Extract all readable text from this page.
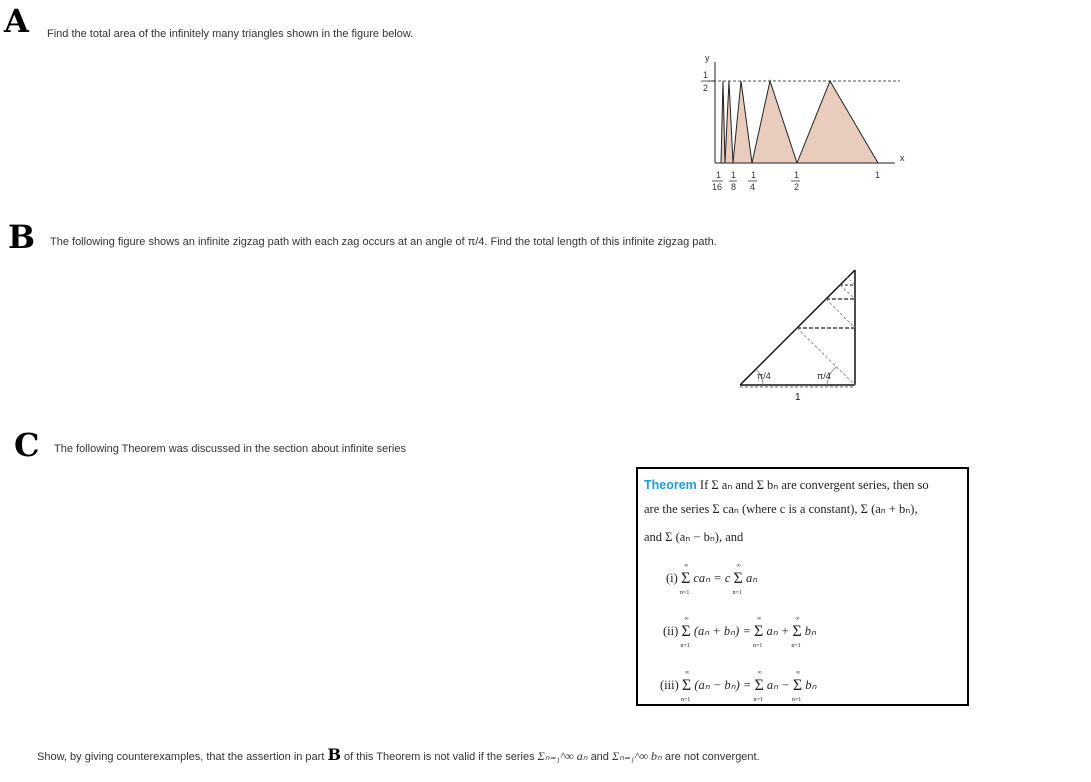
A Find the total area of the infinitely many triangles shown in the figure below.
y
x
1
2
1
16
1
8
1
4
1
2
1
B The following figure shows an infinite zigzag path with each zag occurs at an angle of π/4. Find the total length of this infinite zigzag path.
π/4	π/4
1
C The following Theorem was discussed in the section about infinite series
Theorem If Σ aₙ and Σ bₙ are convergent series, then so
are the series Σ caₙ (where c is a constant), Σ (aₙ + bₙ),
and Σ (aₙ − bₙ), and
(i) Σ
∞
n=1
caₙ = c Σ
∞
n=1
aₙ
(ii) Σ
∞
n=1
(aₙ + bₙ) = Σ
∞
n=1
aₙ + Σ
∞
n=1
bₙ
(iii) Σ
∞
n=1
(aₙ − bₙ) = Σ
∞
n=1
aₙ − Σ
∞
n=1
bₙ
Show, by giving counterexamples, that the assertion in part B of this Theorem is not valid if the series Σₙ₌₁^∞ aₙ and Σₙ₌₁^∞ bₙ are not convergent.
